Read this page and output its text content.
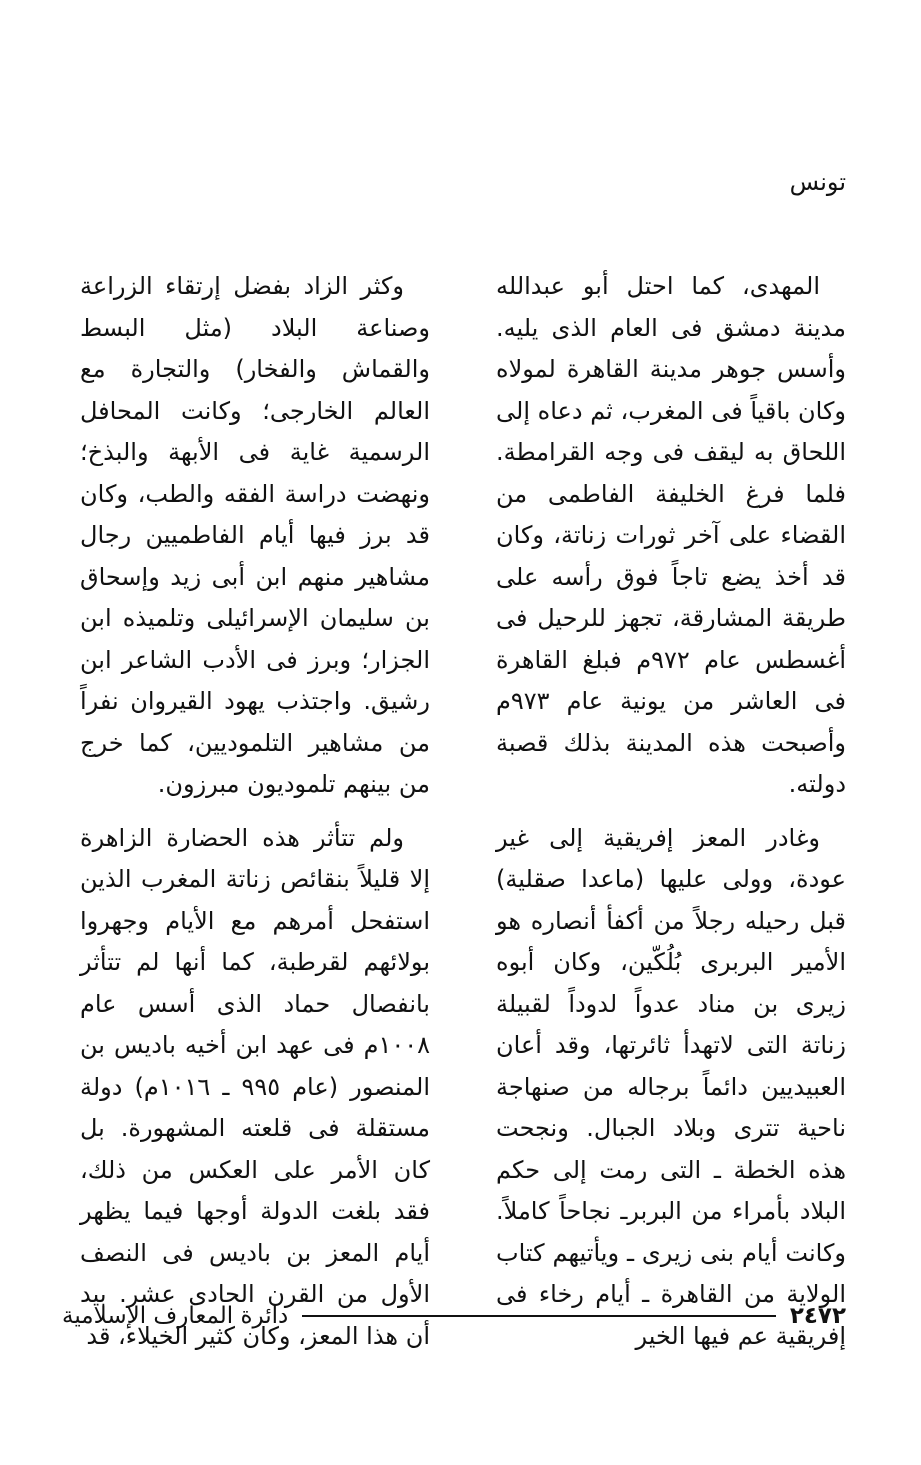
تونس

المهدى، كما احتل أبو عبدالله مدينة دمشق فى العام الذى يليه. وأسس جوهر مدينة القاهرة لمولاه وكان باقياً فى المغرب، ثم دعاه إلى اللحاق به ليقف فى وجه القرامطة. فلما فرغ الخليفة الفاطمى من القضاء على آخر ثورات زناتة، وكان قد أخذ يضع تاجاً فوق رأسه على طريقة المشارقة، تجهز للرحيل فى أغسطس عام ٩٧٢م فبلغ القاهرة فى العاشر من يونية عام ٩٧٣م وأصبحت هذه المدينة بذلك قصبة دولته.

وغادر المعز إفريقية إلى غير عودة، وولى عليها (ماعدا صقلية) قبل رحيله رجلاً من أكفأ أنصاره هو الأمير البربرى بُلُكّين، وكان أبوه زيرى بن مناد عدواً لدوداً لقبيلة زناتة التى لاتهدأ ثائرتها، وقد أعان العبيديين دائماً برجاله من صنهاجة ناحية تترى وبلاد الجبال. ونجحت هذه الخطة ـ التى رمت إلى حكم البلاد بأمراء من البربرـ نجاحاً كاملاً. وكانت أيام بنى زيرى ـ ويأتيهم كتاب الولاية من القاهرة ـ أيام رخاء فى إفريقية عم فيها الخير

وكثر الزاد بفضل إرتقاء الزراعة وصناعة البلاد (مثل البسط والقماش والفخار) والتجارة مع العالم الخارجى؛ وكانت المحافل الرسمية غاية فى الأبهة والبذخ؛ ونهضت دراسة الفقه والطب، وكان قد برز فيها أيام الفاطميين رجال مشاهير منهم ابن أبى زيد وإسحاق بن سليمان الإسرائيلى وتلميذه ابن الجزار؛ وبرز فى الأدب الشاعر ابن رشيق. واجتذب يهود القيروان نفراً من مشاهير التلموديين، كما خرج من بينهم تلموديون مبرزون.

ولم تتأثر هذه الحضارة الزاهرة إلا قليلاً بنقائص زناتة المغرب الذين استفحل أمرهم مع الأيام وجهروا بولائهم لقرطبة، كما أنها لم تتأثر بانفصال حماد الذى أسس عام ١٠٠٨م فى عهد ابن أخيه باديس بن المنصور (عام ٩٩٥ ـ ١٠١٦م) دولة مستقلة فى قلعته المشهورة. بل كان الأمر على العكس من ذلك، فقد بلغت الدولة أوجها فيما يظهر أيام المعز بن باديس فى النصف الأول من القرن الحادى عشر. بيد أن هذا المعز، وكان كثير الخيلاء، قد

٢٤٧٢
دائرة المعارف الإسلامية
